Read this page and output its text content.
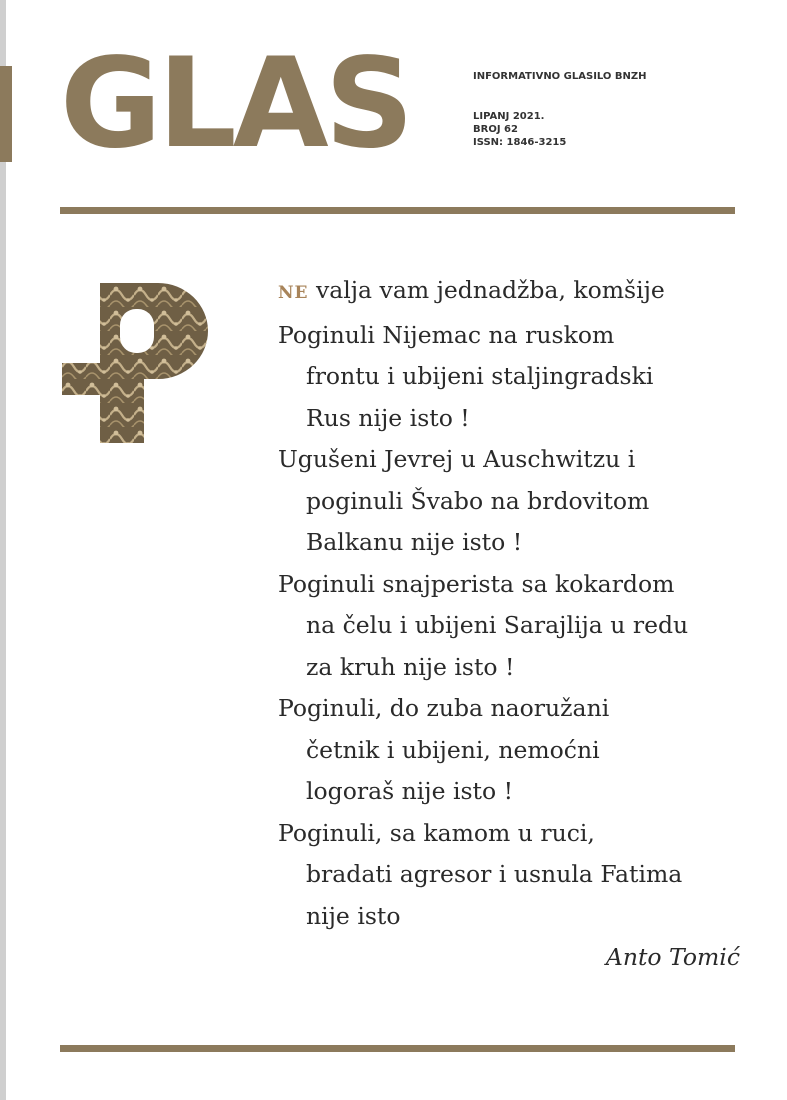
GLAS	INFORMATIVNO GLASILO BNZH
LIPANJ 2021.
BROJ 62
ISSN: 1846-3215
NE valja vam jednadžba, komšije
Poginuli Nijemac na ruskom
frontu i ubijeni staljingradski
Rus nije isto !
Ugušeni Jevrej u Auschwitzu i
poginuli Švabo na brdovitom
Balkanu nije isto !
Poginuli snajperista sa kokardom
na čelu i ubijeni Sarajlija u redu
za kruh nije isto !
Poginuli, do zuba naoružani
četnik i ubijeni, nemoćni
logoraš nije isto !
Poginuli, sa kamom u ruci,
bradati agresor i usnula Fatima
nije isto
Anto Tomić
